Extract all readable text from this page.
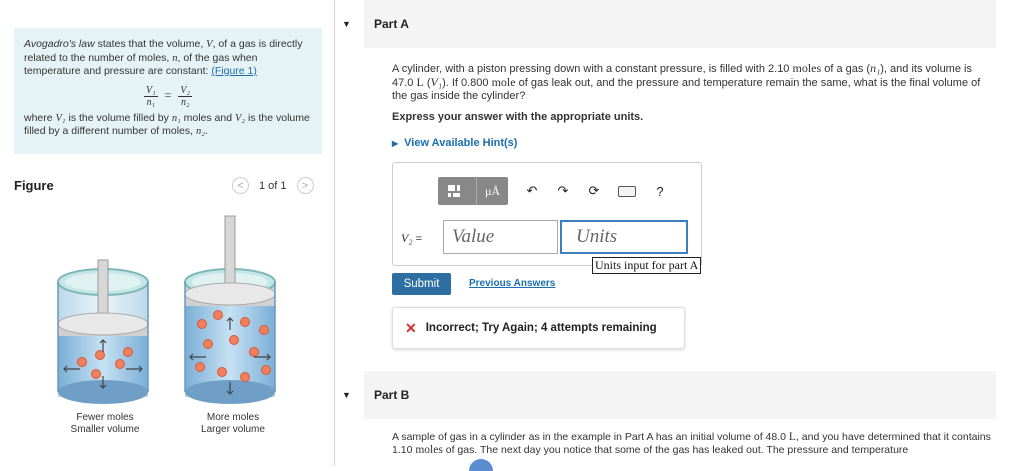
Avogadro's law states that the volume, V, of a gas is directly related to the number of moles, n, of the gas when temperature and pressure are constant: (Figure 1)
$\frac{\text{V₁}}{\text{n₁}} = \frac{\text{V₂}}{\text{n₂}}$
where V₁ is the volume filled by n₁ moles and V₂ is the volume filled by a different number of moles, n₂.
Figure	<	1 of 1	>
Fewer moles
Smaller volume
More moles
Larger volume
▼ Part A
A cylinder, with a piston pressing down with a constant pressure, is filled with 2.10 moles of a gas (n₁), and its volume is 47.0 L (V₁). If 0.800 mole of gas leak out, and the pressure and temperature remain the same, what is the final volume of the gas inside the cylinder?
Express your answer with the appropriate units.
▶ View Available Hint(s)
μÅ	↶ ↷ ⟳	?
V₂ =	Value	Units
Units input for part A
Submit	Previous Answers
✕ Incorrect; Try Again; 4 attempts remaining
▼ Part B
A sample of gas in a cylinder as in the example in Part A has an initial volume of 48.0 L, and you have determined that it contains 1.10 moles of gas. The next day you notice that some of the gas has leaked out. The pressure and temperature
